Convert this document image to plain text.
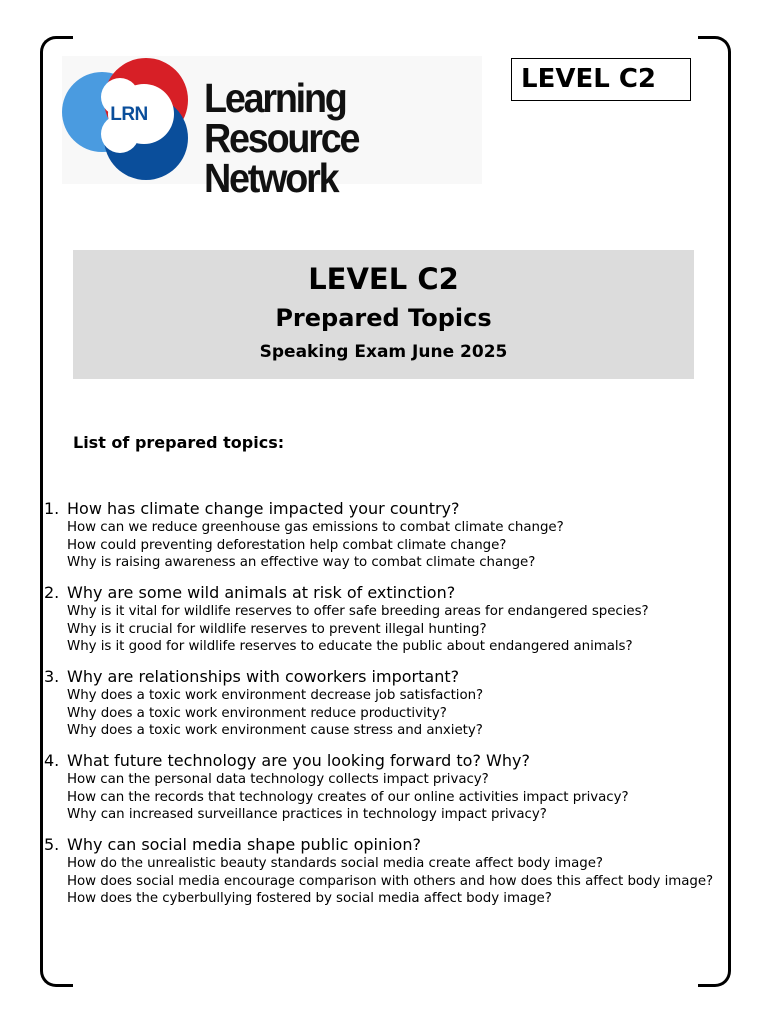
LRN Learning
Resource Network
LEVEL C2
LEVEL C2
Prepared Topics
Speaking Exam June 2025
List of prepared topics:
1. How has climate change impacted your country?
How can we reduce greenhouse gas emissions to combat climate change?
How could preventing deforestation help combat climate change?
Why is raising awareness an effective way to combat climate change?
2. Why are some wild animals at risk of extinction?
Why is it vital for wildlife reserves to offer safe breeding areas for endangered species?
Why is it crucial for wildlife reserves to prevent illegal hunting?
Why is it good for wildlife reserves to educate the public about endangered animals?
3. Why are relationships with coworkers important?
Why does a toxic work environment decrease job satisfaction?
Why does a toxic work environment reduce productivity?
Why does a toxic work environment cause stress and anxiety?
4. What future technology are you looking forward to? Why?
How can the personal data technology collects impact privacy?
How can the records that technology creates of our online activities impact privacy?
Why can increased surveillance practices in technology impact privacy?
5. Why can social media shape public opinion?
How do the unrealistic beauty standards social media create affect body image?
How does social media encourage comparison with others and how does this affect body image?
How does the cyberbullying fostered by social media affect body image?
